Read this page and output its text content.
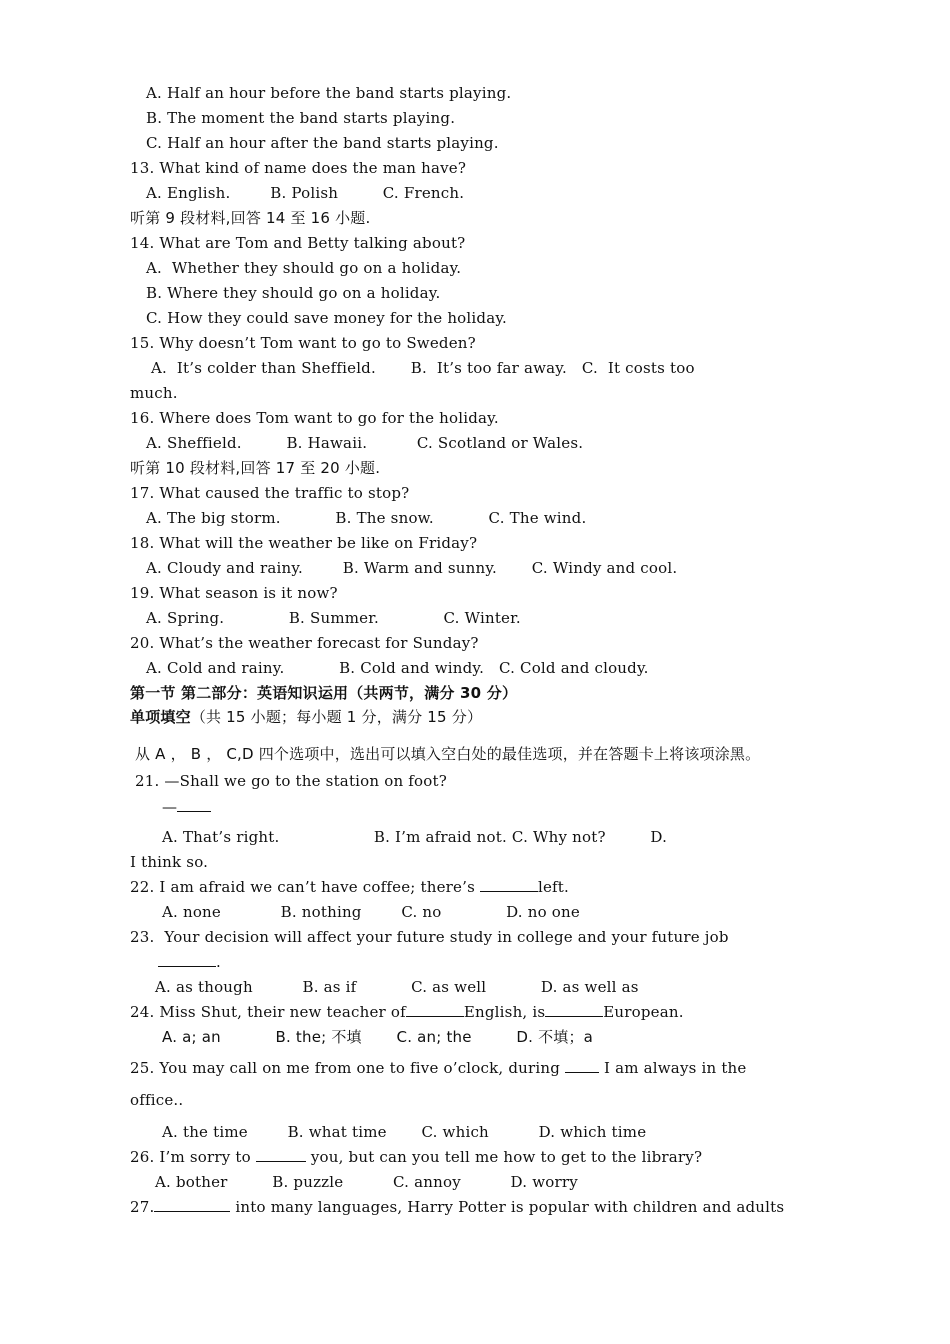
A. Half an hour before the band starts playing.
B. The moment the band starts playing.
C. Half an hour after the band starts playing.
13. What kind of name does the man have?
A. English.        B. Polish         C. French.
听第 9 段材料,回答 14 至 16 小题.
14. What are Tom and Betty talking about?
A.  Whether they should go on a holiday.
B. Where they should go on a holiday.
C. How they could save money for the holiday.
15. Why doesn’t Tom want to go to Sweden?
A.  It’s colder than Sheffield.       B.  It’s too far away.   C.  It costs too
much.
16. Where does Tom want to go for the holiday.
A. Sheffield.         B. Hawaii.          C. Scotland or Wales.
听第 10 段材料,回答 17 至 20 小题.
17. What caused the traffic to stop?
A. The big storm.           B. The snow.           C. The wind.
18. What will the weather be like on Friday?
A. Cloudy and rainy.        B. Warm and sunny.       C. Windy and cool.
19. What season is it now?
A. Spring.             B. Summer.             C. Winter.
20. What’s the weather forecast for Sunday?
A. Cold and rainy.           B. Cold and windy.   C. Cold and cloudy.
第一节 第二部分：英语知识运用（共两节，满分 30 分）
单项填空（共 15 小题；每小题 1 分，满分 15 分）
从 A ， B ， C,D 四个选项中，选出可以填入空白处的最佳选项，并在答题卡上将该项涂黑。
21. —Shall we go to the station on foot?
—
A. That’s right.                   B. I’m afraid not. C. Why not?         D.
I think so.
22. I am afraid we can’t have coffee; there’s	left.
A. none            B. nothing        C. no             D. no one
23.  Your decision will affect your future study in college and your future job
.
A. as though          B. as if           C. as well           D. as well as
24. Miss Shut, their new teacher of	English, is	European.
A. a; an           B. the; 不填       C. an; the         D. 不填；a
25. You may call on me from one to five o’clock, during  I am always in the
office..
A. the time        B. what time       C. which          D. which time
26. I’m sorry to	you, but can you tell me how to get to the library?
A. bother         B. puzzle          C. annoy          D. worry
27.	into many languages, Harry Potter is popular with children and adults
